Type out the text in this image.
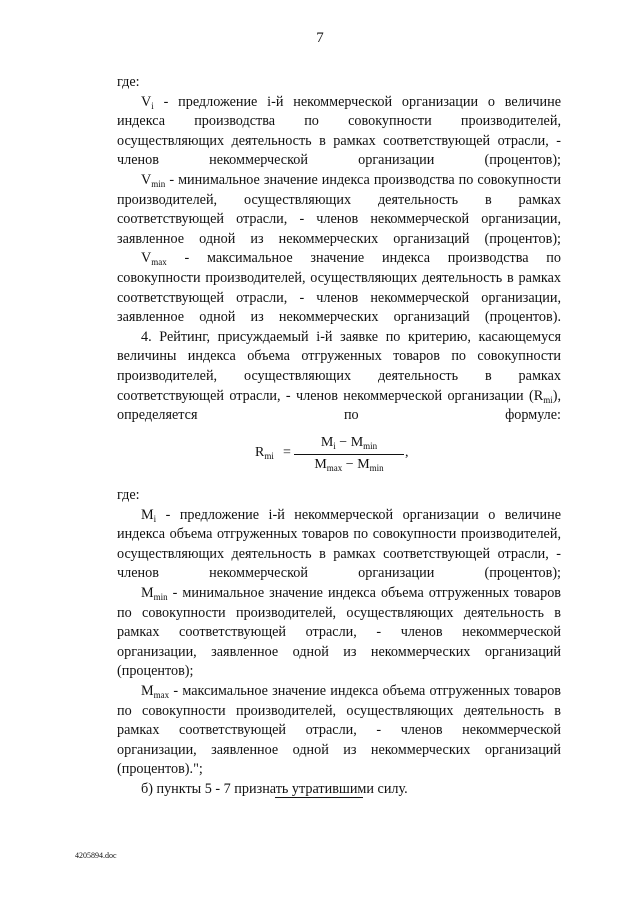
7

где:

$V_i$ - предложение i-й некоммерческой организации о величине индекса производства по совокупности производителей, осуществляющих деятельность в рамках соответствующей отрасли, - членов некоммерческой организации (процентов);

$V_{min}$ - минимальное значение индекса производства по совокупности производителей, осуществляющих деятельность в рамках соответствующей отрасли, - членов некоммерческой организации, заявленное одной из некоммерческих организаций (процентов);

$V_{max}$ - максимальное значение индекса производства по совокупности производителей, осуществляющих деятельность в рамках соответствующей отрасли, - членов некоммерческой организации, заявленное одной из некоммерческих организаций (процентов).

4. Рейтинг, присуждаемый i-й заявке по критерию, касающемуся величины индекса объема отгруженных товаров по совокупности производителей, осуществляющих деятельность в рамках соответствующей отрасли, - членов некоммерческой организации $(R_{mi})$, определяется по формуле:

$R_{mi}$ =
$M_i - M_{min}$
$M_{max} - M_{min}$
,

где:

$M_i$ - предложение i-й некоммерческой организации о величине индекса объема отгруженных товаров по совокупности производителей, осуществляющих деятельность в рамках соответствующей отрасли, - членов некоммерческой организации (процентов);

$M_{min}$ - минимальное значение индекса объема отгруженных товаров по совокупности производителей, осуществляющих деятельность в рамках соответствующей отрасли, - членов некоммерческой организации, заявленное одной из некоммерческих организаций (процентов);

$M_{max}$ - максимальное значение индекса объема отгруженных товаров по совокупности производителей, осуществляющих деятельность в рамках соответствующей отрасли, - членов некоммерческой организации, заявленное одной из некоммерческих организаций (процентов).";

б) пункты 5 - 7 признать утратившими силу.

4205894.doc
